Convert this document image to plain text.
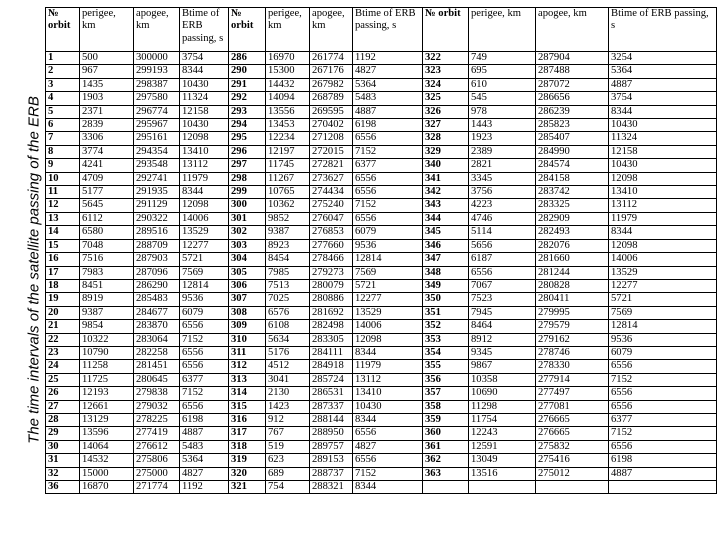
The time intervals of the satellite passing of the ERB
№ orbit	perigee, km	apogee, km	Вtime of ERB passing, s	№ orbit	perigee, km	apogee, km	Вtime of ERB passing, s	№ orbit	perigee, km	apogee, km	Вtime of ERB passing, s
1	500	300000	3754	286	16970	261774	1192	322	749	287904	3254
2	967	299193	8344	290	15300	267176	4827	323	695	287488	5364
3	1435	298387	10430	291	14432	267982	5364	324	610	287072	4887
4	1903	297580	11324	292	14094	268789	5483	325	545	286656	3754
5	2371	296774	12158	293	13556	269595	4887	326	978	286239	8344
6	2839	295967	10430	294	13453	270402	6198	327	1443	285823	10430
7	3306	295161	12098	295	12234	271208	6556	328	1923	285407	11324
8	3774	294354	13410	296	12197	272015	7152	329	2389	284990	12158
9	4241	293548	13112	297	11745	272821	6377	340	2821	284574	10430
10	4709	292741	11979	298	11267	273627	6556	341	3345	284158	12098
11	5177	291935	8344	299	10765	274434	6556	342	3756	283742	13410
12	5645	291129	12098	300	10362	275240	7152	343	4223	283325	13112
13	6112	290322	14006	301	9852	276047	6556	344	4746	282909	11979
14	6580	289516	13529	302	9387	276853	6079	345	5114	282493	8344
15	7048	288709	12277	303	8923	277660	9536	346	5656	282076	12098
16	7516	287903	5721	304	8454	278466	12814	347	6187	281660	14006
17	7983	287096	7569	305	7985	279273	7569	348	6556	281244	13529
18	8451	286290	12814	306	7513	280079	5721	349	7067	280828	12277
19	8919	285483	9536	307	7025	280886	12277	350	7523	280411	5721
20	9387	284677	6079	308	6576	281692	13529	351	7945	279995	7569
21	9854	283870	6556	309	6108	282498	14006	352	8464	279579	12814
22	10322	283064	7152	310	5634	283305	12098	353	8912	279162	9536
23	10790	282258	6556	311	5176	284111	8344	354	9345	278746	6079
24	11258	281451	6556	312	4512	284918	11979	355	9867	278330	6556
25	11725	280645	6377	313	3041	285724	13112	356	10358	277914	7152
26	12193	279838	7152	314	2130	286531	13410	357	10690	277497	6556
27	12661	279032	6556	315	1423	287337	10430	358	11298	277081	6556
28	13129	278225	6198	316	912	288144	8344	359	11754	276665	6377
29	13596	277419	4887	317	767	288950	6556	360	12243	276665	7152
30	14064	276612	5483	318	519	289757	4827	361	12591	275832	6556
31	14532	275806	5364	319	623	289153	6556	362	13049	275416	6198
32	15000	275000	4827	320	689	288737	7152	363	13516	275012	4887
36	16870	271774	1192	321	754	288321	8344				
